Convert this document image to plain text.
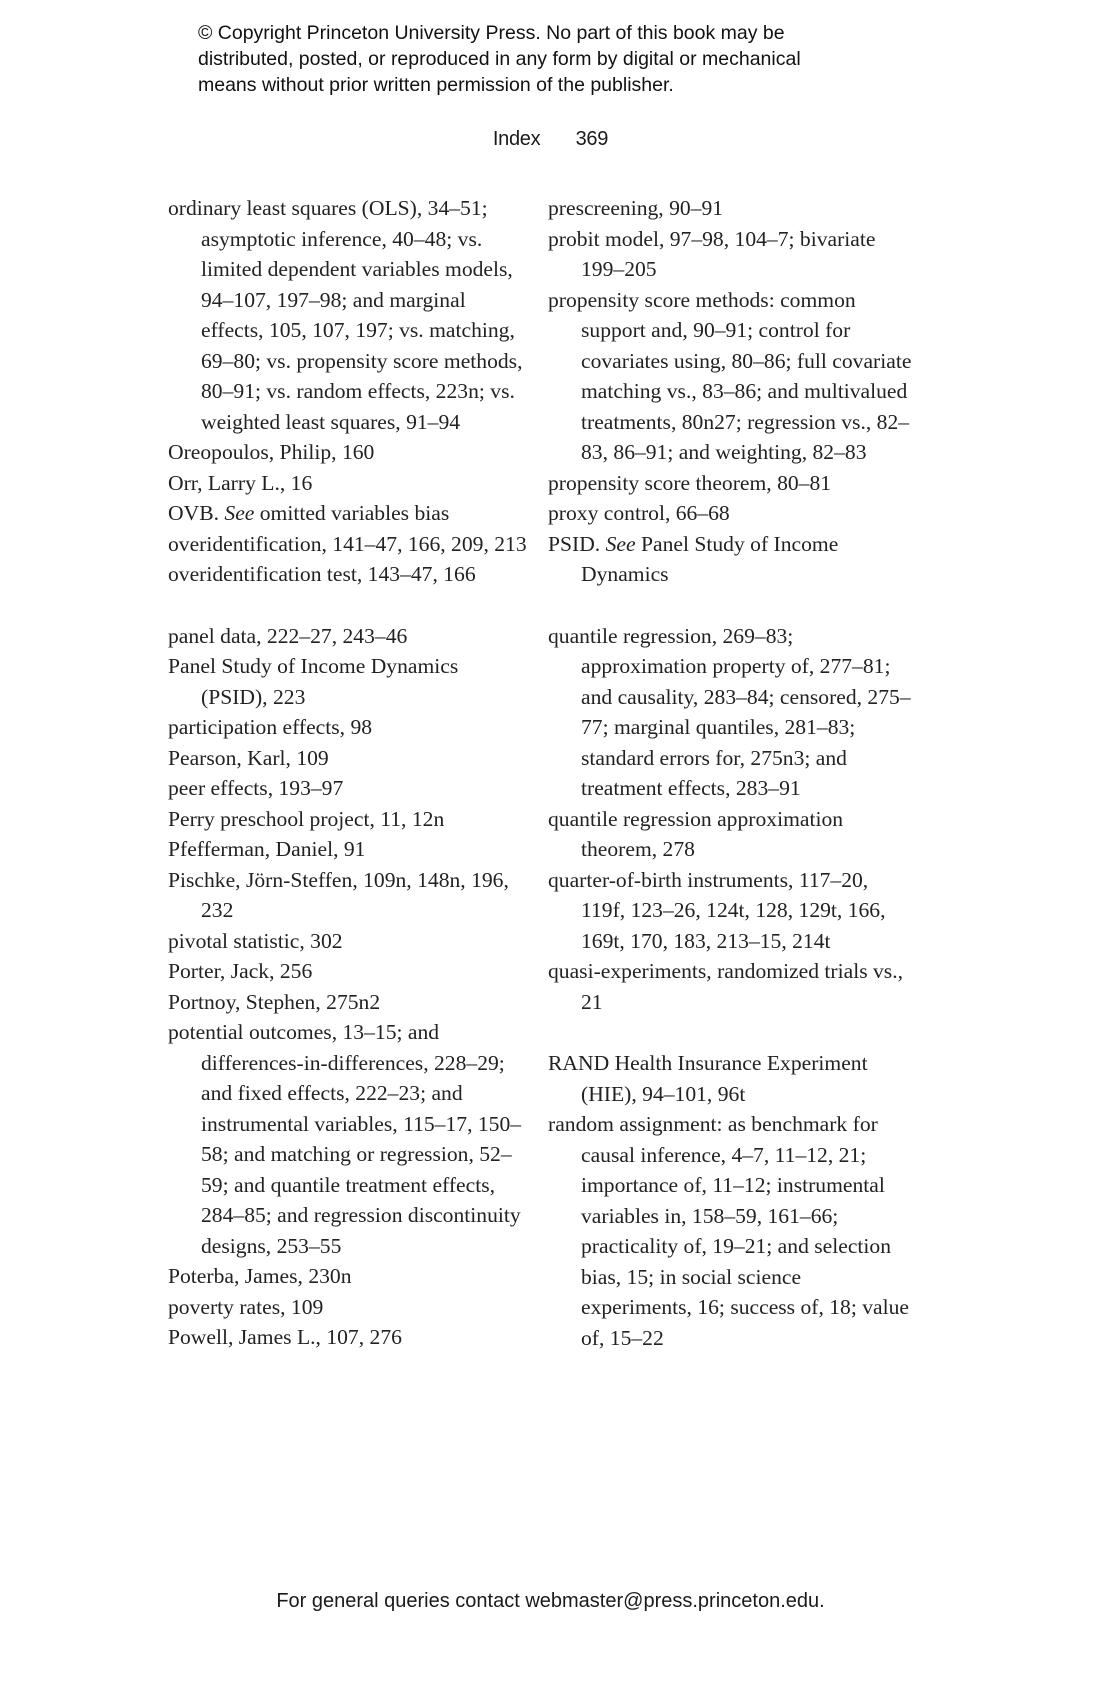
© Copyright Princeton University Press. No part of this book may be
distributed, posted, or reproduced in any form by digital or mechanical
means without prior written permission of the publisher.
Index 369
ordinary least squares (OLS), 34–51; asymptotic inference, 40–48; vs. limited dependent variables models, 94–107, 197–98; and marginal effects, 105, 107, 197; vs. matching, 69–80; vs. propensity score methods, 80–91; vs. random effects, 223n; vs. weighted least squares, 91–94
Oreopoulos, Philip, 160
Orr, Larry L., 16
OVB. See omitted variables bias
overidentification, 141–47, 166, 209, 213
overidentification test, 143–47, 166
panel data, 222–27, 243–46
Panel Study of Income Dynamics (PSID), 223
participation effects, 98
Pearson, Karl, 109
peer effects, 193–97
Perry preschool project, 11, 12n
Pfefferman, Daniel, 91
Pischke, Jörn-Steffen, 109n, 148n, 196, 232
pivotal statistic, 302
Porter, Jack, 256
Portnoy, Stephen, 275n2
potential outcomes, 13–15; and differences-in-differences, 228–29; and fixed effects, 222–23; and instrumental variables, 115–17, 150–58; and matching or regression, 52–59; and quantile treatment effects, 284–85; and regression discontinuity designs, 253–55
Poterba, James, 230n
poverty rates, 109
Powell, James L., 107, 276
prescreening, 90–91
probit model, 97–98, 104–7; bivariate 199–205
propensity score methods: common support and, 90–91; control for covariates using, 80–86; full covariate matching vs., 83–86; and multivalued treatments, 80n27; regression vs., 82–83, 86–91; and weighting, 82–83
propensity score theorem, 80–81
proxy control, 66–68
PSID. See Panel Study of Income Dynamics
quantile regression, 269–83; approximation property of, 277–81; and causality, 283–84; censored, 275–77; marginal quantiles, 281–83; standard errors for, 275n3; and treatment effects, 283–91
quantile regression approximation theorem, 278
quarter-of-birth instruments, 117–20, 119f, 123–26, 124t, 128, 129t, 166, 169t, 170, 183, 213–15, 214t
quasi-experiments, randomized trials vs., 21
RAND Health Insurance Experiment (HIE), 94–101, 96t
random assignment: as benchmark for causal inference, 4–7, 11–12, 21; importance of, 11–12; instrumental variables in, 158–59, 161–66; practicality of, 19–21; and selection bias, 15; in social science experiments, 16; success of, 18; value of, 15–22
For general queries contact webmaster@press.princeton.edu.
